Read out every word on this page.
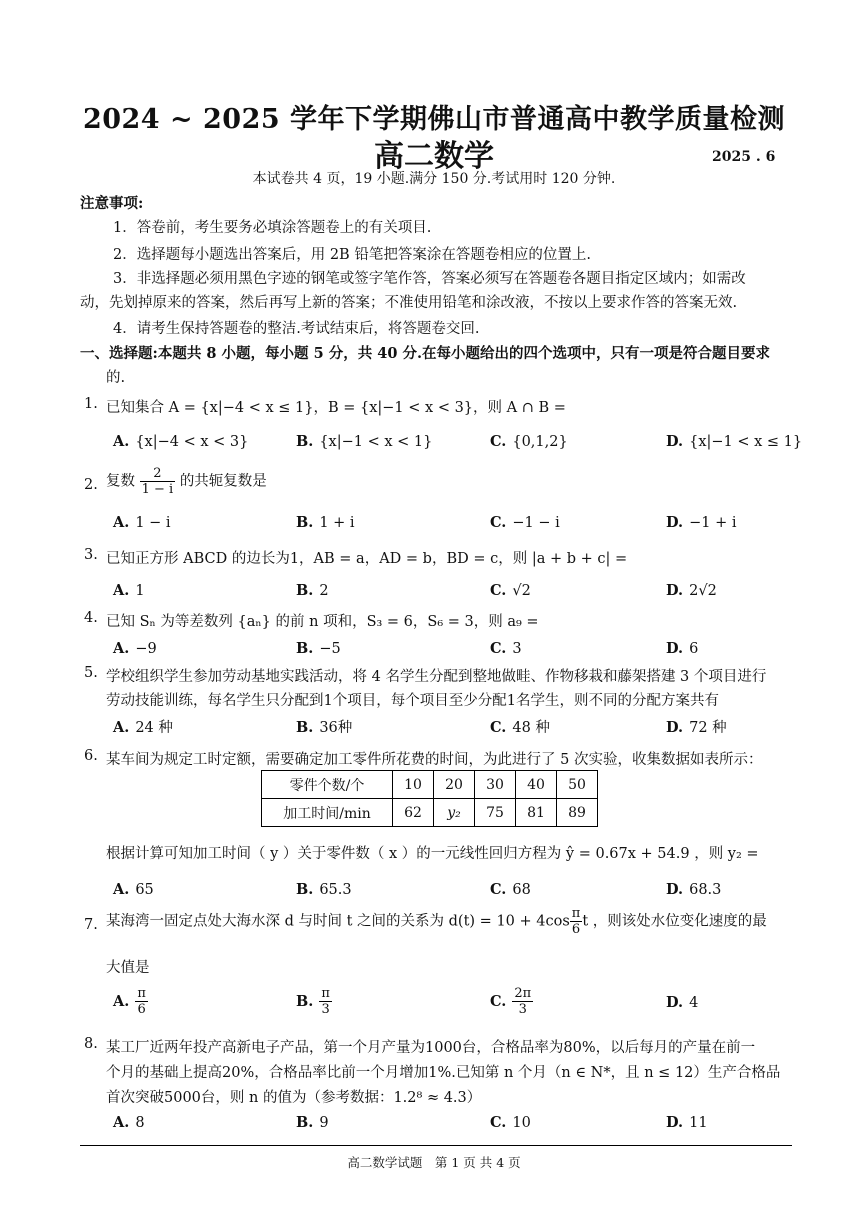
2024 ~ 2025 学年下学期佛山市普通高中教学质量检测
高二数学	2025 . 6
本试卷共 4 页，19 小题.满分 150 分.考试用时 120 分钟.
注意事项:
1．答卷前，考生要务必填涂答题卷上的有关项目.
2．选择题每小题选出答案后，用 2B 铅笔把答案涂在答题卷相应的位置上.
3．非选择题必须用黑色字迹的钢笔或签字笔作答，答案必须写在答题卷各题目指定区域内；如需改
动，先划掉原来的答案，然后再写上新的答案；不准使用铅笔和涂改液，不按以上要求作答的答案无效.
4．请考生保持答题卷的整洁.考试结束后，将答题卷交回.
一、选择题:本题共 8 小题，每小题 5 分，共 40 分.在每小题给出的四个选项中，只有一项是符合题目要求
的.
1. 已知集合 A = {x|−4 < x ≤ 1}，B = {x|−1 < x < 3}，则 A ∩ B =
A. {x|−4 < x < 3}	B. {x|−1 < x < 1}	C. {0,1,2}	D. {x|−1 < x ≤ 1}
2. 复数 $\frac{2}{1 - i}$ 的共轭复数是
A. 1 − i	B. 1 + i	C. −1 − i	D. −1 + i
3. 已知正方形 ABCD 的边长为1，AB = a，AD = b，BD = c，则 |a + b + c| =
A. 1	B. 2	C. √2	D. 2√2
4. 已知 Sₙ 为等差数列 {aₙ} 的前 n 项和，S₃ = 6，S₆ = 3，则 a₉ =
A. −9	B. −5	C. 3	D. 6
5. 学校组织学生参加劳动基地实践活动，将 4 名学生分配到整地做畦、作物移栽和藤架搭建 3 个项目进行
劳动技能训练，每名学生只分配到1个项目，每个项目至少分配1名学生，则不同的分配方案共有
A. 24 种	B. 36种	C. 48 种	D. 72 种
6. 某车间为规定工时定额，需要确定加工零件所花费的时间，为此进行了 5 次实验，收集数据如表所示：
零件个数/个	10	20	30	40	50
加工时间/min	62	y₂	75	81	89
根据计算可知加工时间（ y ）关于零件数（ x ）的一元线性回归方程为 ŷ = 0.67x + 54.9 ，则 y₂ =
A. 65	B. 65.3	C. 68	D. 68.3
7. 某海湾一固定点处大海水深 d 与时间 t 之间的关系为 $d(t) = 10 + 4\cos \frac{\pi}{6}$ t ，则该处水位变化速度的最
大值是
A. $\frac{\pi}{6}$	B. $\frac{\pi}{3}$	C. $\frac{2\pi}{3}$	D. 4
8. 某工厂近两年投产高新电子产品，第一个月产量为1000台，合格品率为80%，以后每月的产量在前一
个月的基础上提高20%，合格品率比前一个月增加1%.已知第 n 个月（n ∈ N*，且 n ≤ 12）生产合格品
首次突破5000台，则 n 的值为（参考数据：1.2⁸ ≈ 4.3）
A. 8	B. 9	C. 10	D. 11
高二数学试题　第 1 页 共 4 页
